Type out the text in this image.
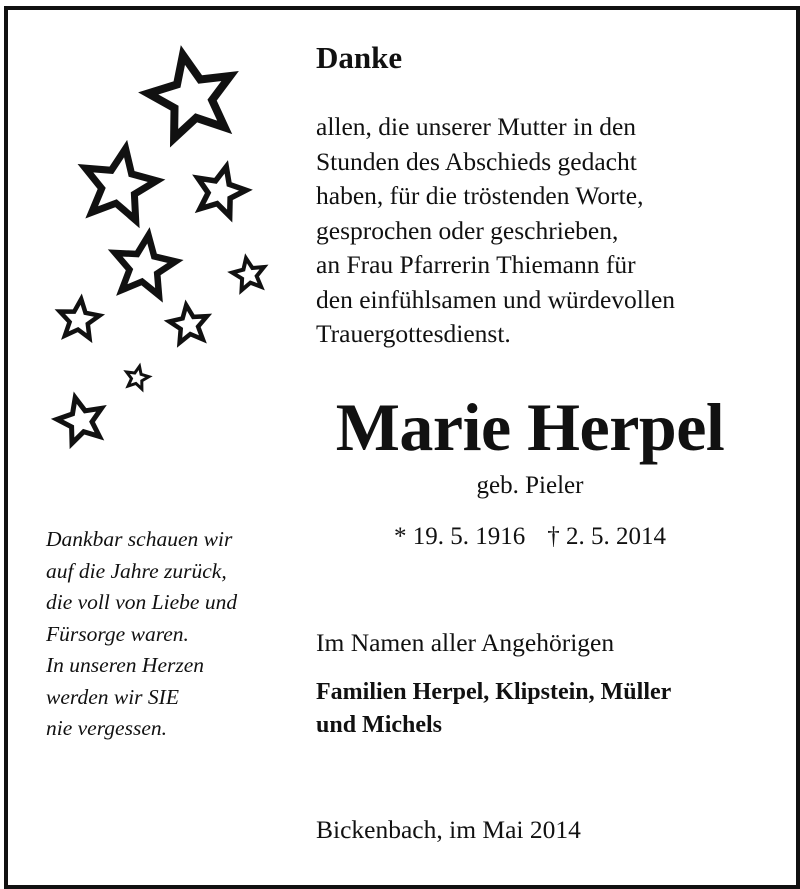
Danke
allen, die unserer Mutter in den
Stunden des Abschieds gedacht
haben, für die tröstenden Worte,
gesprochen oder geschrieben,
an Frau Pfarrerin Thiemann für
den einfühlsamen und würdevollen
Trauergottesdienst.
Marie Herpel
geb. Pieler
* 19. 5. 1916 † 2. 5. 2014
Im Namen aller Angehörigen
Familien Herpel, Klipstein, Müller
und Michels
Bickenbach, im Mai 2014
Dankbar schauen wir
auf die Jahre zurück,
die voll von Liebe und
Fürsorge waren.
In unseren Herzen
werden wir SIE
nie vergessen.
